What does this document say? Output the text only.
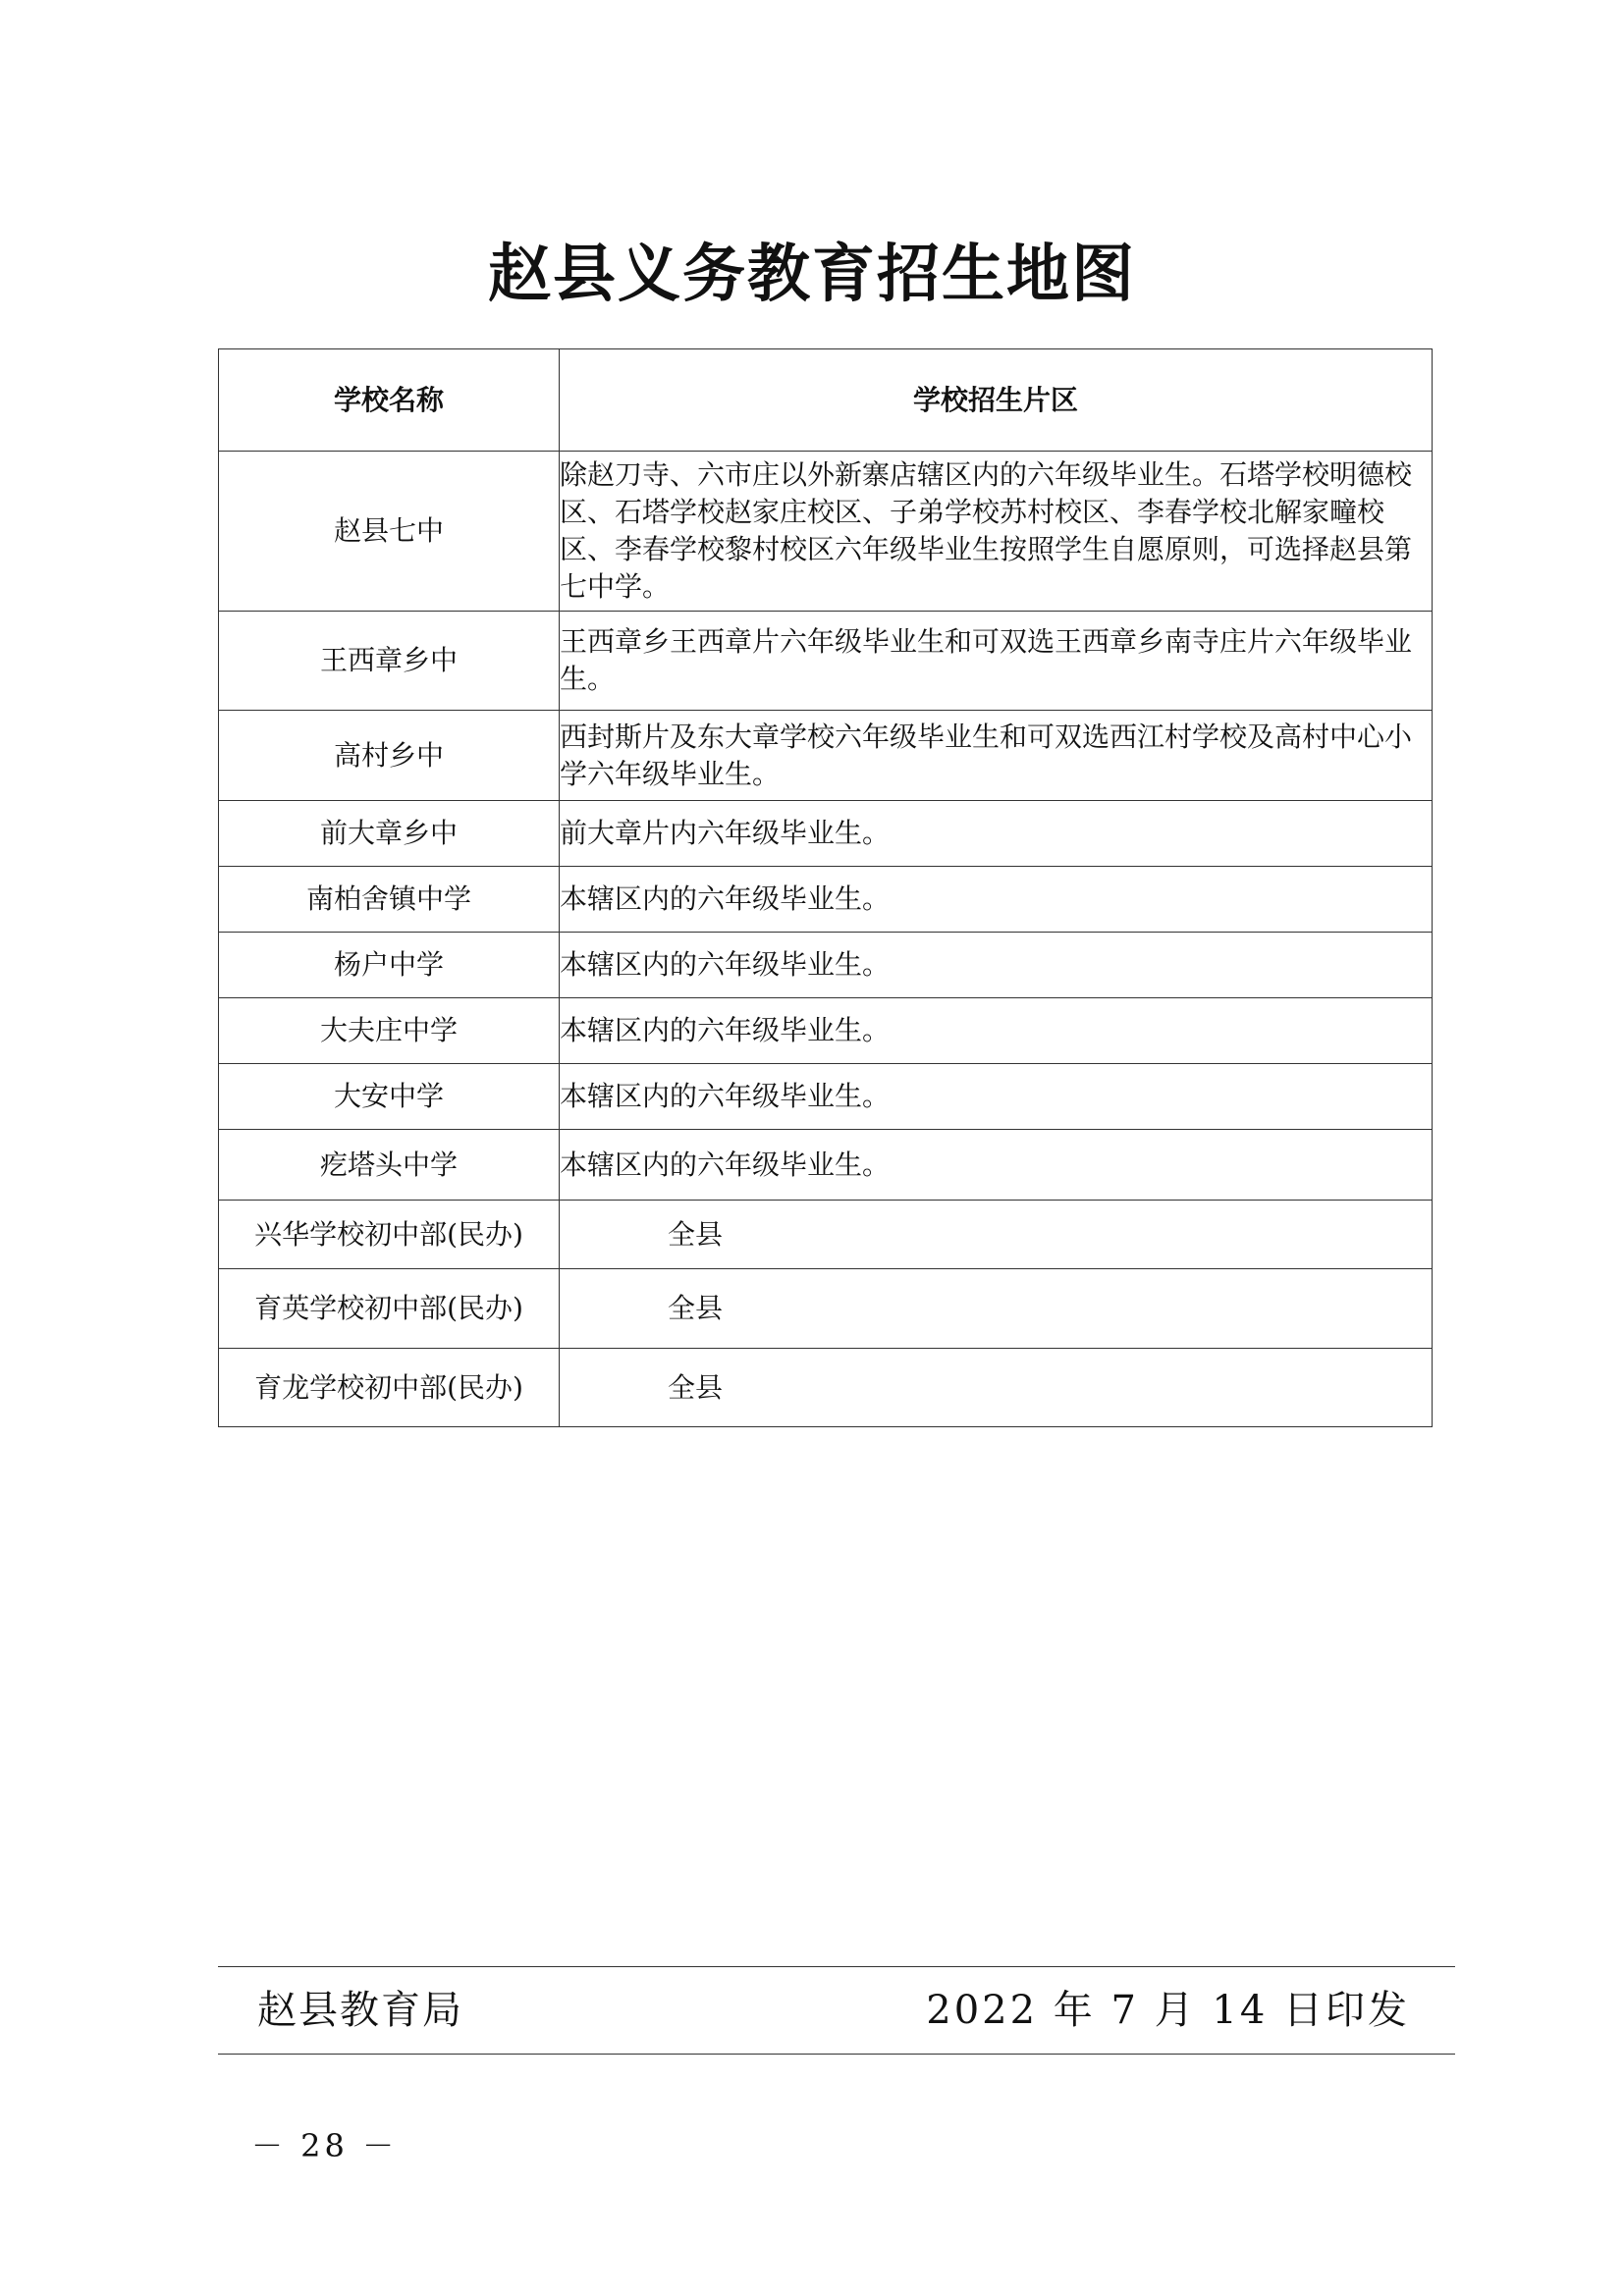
赵县义务教育招生地图
学校名称	学校招生片区
赵县七中	除赵刀寺、六市庄以外新寨店辖区内的六年级毕业生。石塔学校明德校区、石塔学校赵家庄校区、子弟学校苏村校区、李春学校北解家疃校区、李春学校黎村校区六年级毕业生按照学生自愿原则，可选择赵县第七中学。
王西章乡中	王西章乡王西章片六年级毕业生和可双选王西章乡南寺庄片六年级毕业生。
高村乡中	西封斯片及东大章学校六年级毕业生和可双选西江村学校及高村中心小学六年级毕业生。
前大章乡中	前大章片内六年级毕业生。
南柏舍镇中学	本辖区内的六年级毕业生。
杨户中学	本辖区内的六年级毕业生。
大夫庄中学	本辖区内的六年级毕业生。
大安中学	本辖区内的六年级毕业生。
疙塔头中学	本辖区内的六年级毕业生。
兴华学校初中部(民办)	全县
育英学校初中部(民办)	全县
育龙学校初中部(民办)	全县
赵县教育局	2022 年 7 月 14 日印发
－ 28 －
